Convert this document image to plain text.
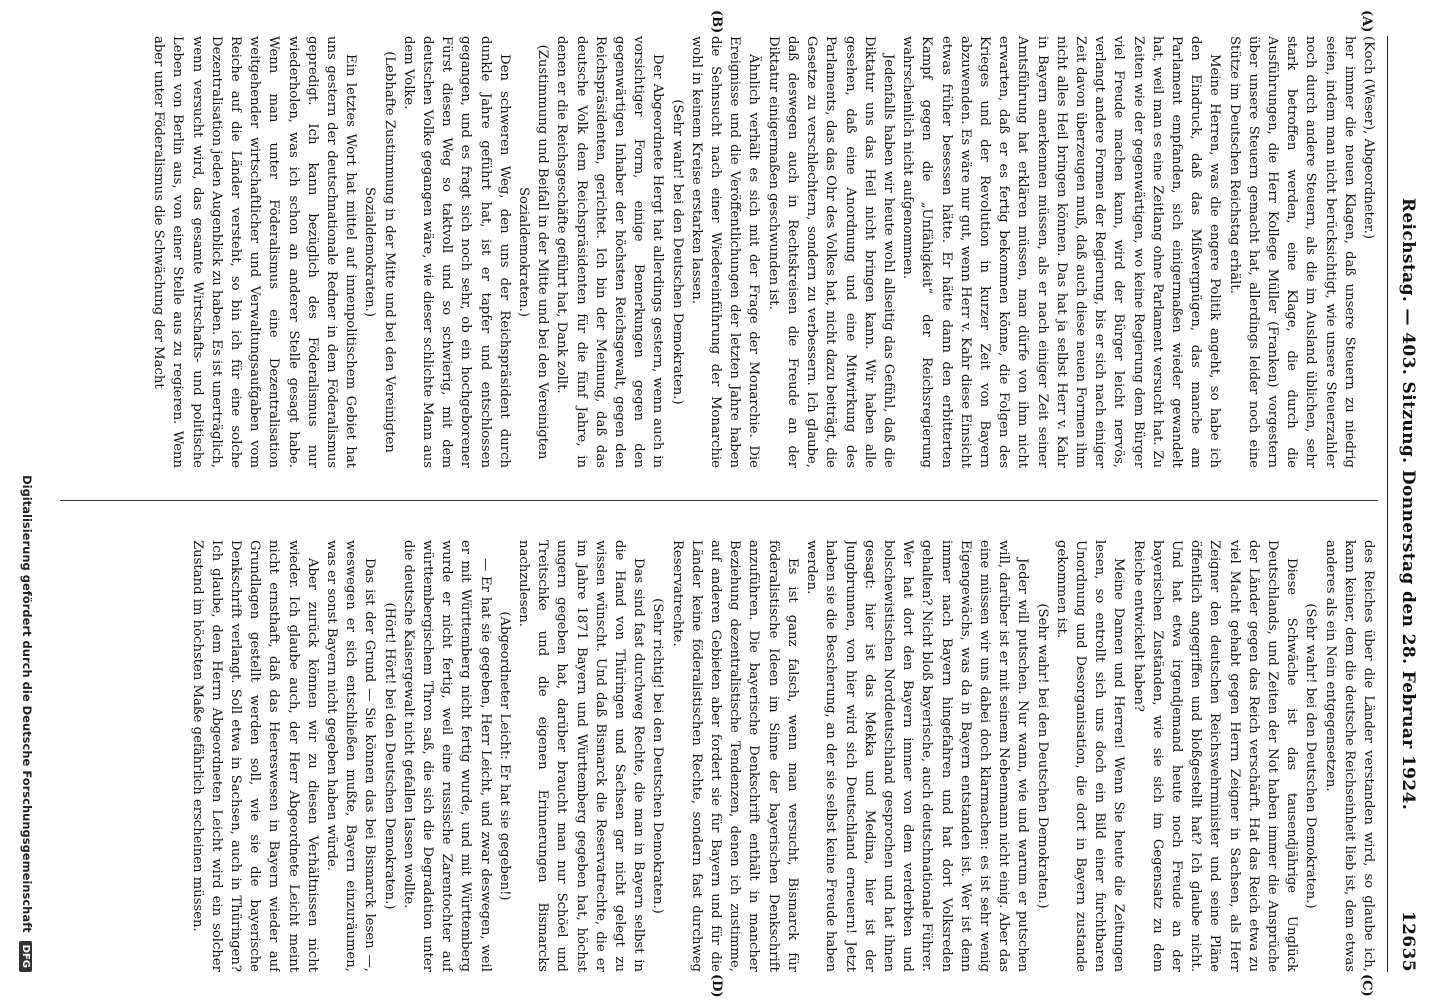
Reichstag. — 403. Sitzung. Donnerstag den 28. Februar 1924.
12635
(A)
(B)
(C)
(D)

(Koch (Weser), Abgeordneter.)

her immer die neuen Klagen, daß unsere Steuern zu niedrig seien, indem man nicht berücksichtigt, wie unsere Steuerzahler noch durch andere Steuern, als die im Ausland üblichen, sehr stark betroffen werden, eine Klage, die durch die Ausführungen, die Herr Kollege Müller (Franken) vorgestern über unsere Steuern gemacht hat, allerdings leider noch eine Stütze im Deutschen Reichstag erhält.

Meine Herren, was die engere Politik angeht, so habe ich den Eindruck, daß das Mißvergnügen, das manche am Parlament empfanden, sich einigermaßen wieder gewandelt hat, weil man es eine Zeitlang ohne Parlament versucht hat. Zu Zeiten wie der gegenwärtigen, wo keine Regierung dem Bürger viel Freude machen kann, wird der Bürger leicht nervös, verlangt andere Formen der Regierung, bis er sich nach einiger Zeit davon überzeugen muß, daß auch diese neuen Formen ihm nicht alles Heil bringen können. Das hat ja selbst Herr v. Kahr in Bayern anerkennen müssen, als er nach einiger Zeit seiner Amtsführung hat erklären müssen, man dürfe von ihm nicht erwarten, daß er es fertig bekommen könne, die Folgen des Krieges und der Revolution in kurzer Zeit von Bayern abzuwenden. Es wäre nur gut, wenn Herr v. Kahr diese Einsicht etwas früher besessen hätte. Er hätte dann den erbitterten Kampf gegen die „Unfähigkeit“ der Reichsregierung wahrscheinlich nicht aufgenommen.

Jedenfalls haben wir heute wohl allseitig das Gefühl, daß die Diktatur uns das Heil nicht bringen kann. Wir haben alle gesehen, daß eine Anordnung und eine Mitwirkung des Parlaments, das das Ohr des Volkes hat, nicht dazu beiträgt, die Gesetze zu verschlechtern, sondern zu verbessern. Ich glaube, daß deswegen auch in Rechtskreisen die Freude an der Diktatur einigermaßen geschwunden ist.

Ähnlich verhält es sich mit der Frage der Monarchie. Die Ereignisse und die Veröffentlichungen der letzten Jahre haben die Sehnsucht nach einer Wiedereinführung der Monarchie wohl in keinem Kreise erstarken lassen.

(Sehr wahr! bei den Deutschen Demokraten.)

Der Abgeordnete Hergt hat allerdings gestern, wenn auch in vorsichtiger Form, einige Bemerkungen gegen den gegenwärtigen Inhaber der höchsten Reichsgewalt, gegen den Reichspräsidenten, gerichtet. Ich bin der Meinung, daß das deutsche Volk dem Reichspräsidenten für die fünf Jahre, in denen er die Reichsgeschäfte geführt hat, Dank zollt.

(Zustimmung und Beifall in der Mitte und bei den Vereinigten Sozialdemokraten.)

Den schweren Weg, den uns der Reichspräsident durch dunkle Jahre geführt hat, ist er tapfer und entschlossen gegangen, und es fragt sich noch sehr, ob ein hochgeborener Fürst diesen Weg so taktvoll und so schwierig, mit dem deutschen Volke gegangen wäre, wie dieser schlichte Mann aus dem Volke.

(Lebhafte Zustimmung in der Mitte und bei den Vereinigten Sozialdemokraten.)

Ein letztes Wort hat mittel auf innenpolitischem Gebiet hat uns gestern der deutschnationale Redner in dem Föderalismus gepredigt. Ich kann bezüglich des Föderalismus nur wiederholen, was ich schon an anderer Stelle gesagt habe. Wenn man unter Föderalismus eine Dezentralisation weitgehender wirtschaftlicher und Verwaltungsaufgaben vom Reiche auf die Länder versteht, so bin ich für eine solche Dezentralisation jeden Augenblick zu haben. Es ist unerträglich, wenn versucht wird, das gesamte Wirtschafts- und politische Leben von Berlin aus, von einer Stelle aus zu regieren. Wenn aber unter Föderalismus die Schwächung der Macht

des Reiches über die Länder verstanden wird, so glaube ich, kann keiner, dem die deutsche Reichseinheit lieb ist, dem etwas anderes als ein Nein entgegensetzen.

(Sehr wahr! bei den Deutschen Demokraten.)

Diese Schwäche ist das tausendjährige Unglück Deutschlands, und Zeiten der Not haben immer die Ansprüche der Länder gegen das Reich verschärft. Hat das Reich etwa zu viel Macht gehabt gegen Herrn Zeigner in Sachsen, als Herr Zeigner den deutschen Reichswehrminister und seine Pläne öffentlich angegriffen und bloßgestellt hat? Ich glaube nicht. Und hat etwa irgendjemand heute noch Freude an der bayerischen Zuständen, wie sie sich im Gegensatz zu dem Reiche entwickelt haben?

Meine Damen und Herren! Wenn Sie heute die Zeitungen lesen, so entrollt sich uns doch ein Bild einer furchtbaren Unordnung und Desorganisation, die dort in Bayern zustande gekommen ist.

(Sehr wahr! bei den Deutschen Demokraten.)

Jeder will putschen. Nur wann, wie und warum er putschen will, darüber ist er mit seinem Nebenmann nicht einig. Aber das eine müssen wir uns dabei doch klarmachen: es ist sehr wenig Eigengewächs, was da in Bayern entstanden ist. Wer ist denn immer nach Bayern hingefahren und hat dort Volksreden gehalten? Nicht bloß bayerische, auch deutschnationale Führer. Wer hat dort den Bayern immer von dem verderbten und bolschewistischen Norddeutschland gesprochen und hat ihnen gesagt: hier ist das Mekka und Medina, hier ist der Jungbrunnen, von hier wird sich Deutschland erneuern! Jetzt haben sie die Bescherung, an der sie selbst keine Freude haben werden.

Es ist ganz falsch, wenn man versucht, Bismarck für föderalistische Ideen im Sinne der bayerischen Denkschrift anzuführen. Die bayerische Denkschrift enthält in mancher Beziehung dezentralistische Tendenzen, denen ich zustimme, auf anderen Gebieten aber fordert sie für Bayern und für die Länder keine föderalistischen Rechte, sondern fast durchweg Reservatrechte.

(Sehr richtig! bei den Deutschen Demokraten.)

Das sind fast durchweg Rechte, die man in Bayern selbst in die Hand von Thüringen und Sachsen gar nicht gelegt zu wissen wünscht. Und daß Bismarck die Reservatrechte, die er im Jahre 1871 Bayern und Württemberg gegeben hat, höchst ungern gegeben hat, darüber braucht man nur Schöel und Treitschke und die eigenen Erinnerungen Bismarcks nachzulesen.

(Abgeordneter Leicht: Er hat sie gegeben!)

— Er hat sie gegeben, Herr Leicht, und zwar deswegen, weil er mit Württemberg nicht fertig wurde, und mit Württemberg wurde er nicht fertig, weil eine russische Zarentochter auf württembergischem Thron saß, die sich die Degradation unter die deutsche Kaisergewalt nicht gefallen lassen wollte.

(Hört! Hört! bei den Deutschen Demokraten.)

Das ist der Grund — Sie können das bei Bismarck lesen —, weswegen er sich entschließen mußte, Bayern einzuräumen, was er sonst Bayern nicht gegeben haben würde.

Aber zurück können wir zu diesen Verhältnissen nicht wieder. Ich glaube auch, der Herr Abgeordnete Leicht meint nicht ernsthaft, daß das Heereswesen in Bayern wieder auf Grundlagen gestellt werden soll, wie sie die bayerische Denkschrift verlangt. Soll etwa in Sachsen, auch in Thüringen? Ich glaube, dem Herrn Abgeordneten Leicht wird ein solcher Zustand im höchsten Maße gefährlich erscheinen müssen.

Digitalisierung gefördert durch die Deutsche Forschungsgemeinschaft DFG
